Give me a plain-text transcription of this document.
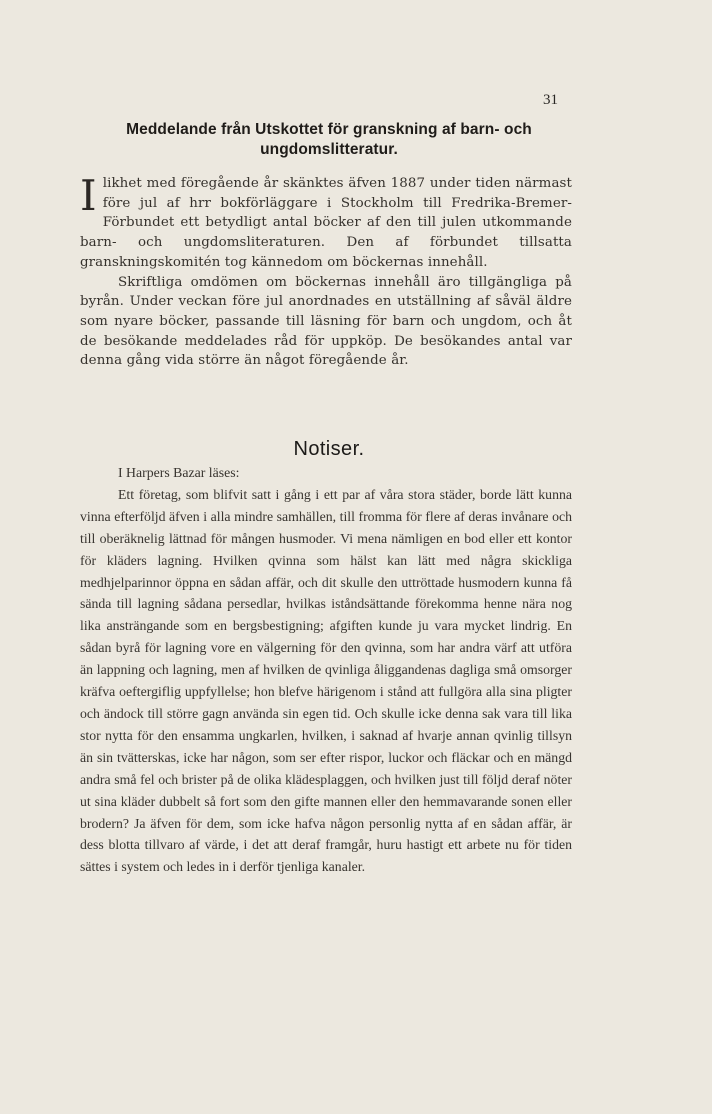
31
Meddelande från Utskottet för granskning af barn- och ungdomslitteratur.

Ilikhet med föregående år skänktes äfven 1887 under tiden närmast före jul af hrr bokförläggare i Stockholm till Fredrika-Bremer-Förbundet ett betydligt antal böcker af den till julen utkommande barn- och ungdomsliteraturen. Den af förbundet tillsatta granskningskomitén tog kännedom om böckernas innehåll.

Skriftliga omdömen om böckernas innehåll äro tillgängliga på byrån. Under veckan före jul anordnades en utställning af såväl äldre som nyare böcker, passande till läsning för barn och ungdom, och åt de besökande meddelades råd för uppköp. De besökandes antal var denna gång vida större än något föregående år.

Notiser.

I Harpers Bazar läses:

Ett företag, som blifvit satt i gång i ett par af våra stora städer, borde lätt kunna vinna efterföljd äfven i alla mindre samhällen, till fromma för flere af deras invånare och till oberäknelig lättnad för mången husmoder. Vi mena nämligen en bod eller ett kontor för kläders lagning. Hvilken qvinna som hälst kan lätt med några skickliga medhjelparinnor öppna en sådan affär, och dit skulle den uttröttade husmodern kunna få sända till lagning sådana persedlar, hvilkas iståndsättande förekomma henne nära nog lika ansträngande som en bergsbestigning; afgiften kunde ju vara mycket lindrig. En sådan byrå för lagning vore en välgerning för den qvinna, som har andra värf att utföra än lappning och lagning, men af hvilken de qvinliga åliggandenas dagliga små omsorger kräfva oeftergiflig uppfyllelse; hon blefve härigenom i stånd att fullgöra alla sina pligter och ändock till större gagn använda sin egen tid. Och skulle icke denna sak vara till lika stor nytta för den ensamma ungkarlen, hvilken, i saknad af hvarje annan qvinlig tillsyn än sin tvätterskas, icke har någon, som ser efter rispor, luckor och fläckar och en mängd andra små fel och brister på de olika klädesplaggen, och hvilken just till följd deraf nöter ut sina kläder dubbelt så fort som den gifte mannen eller den hemmavarande sonen eller brodern? Ja äfven för dem, som icke hafva någon personlig nytta af en sådan affär, är dess blotta tillvaro af värde, i det att deraf framgår, huru hastigt ett arbete nu för tiden sättes i system och ledes in i derför tjenliga kanaler.
